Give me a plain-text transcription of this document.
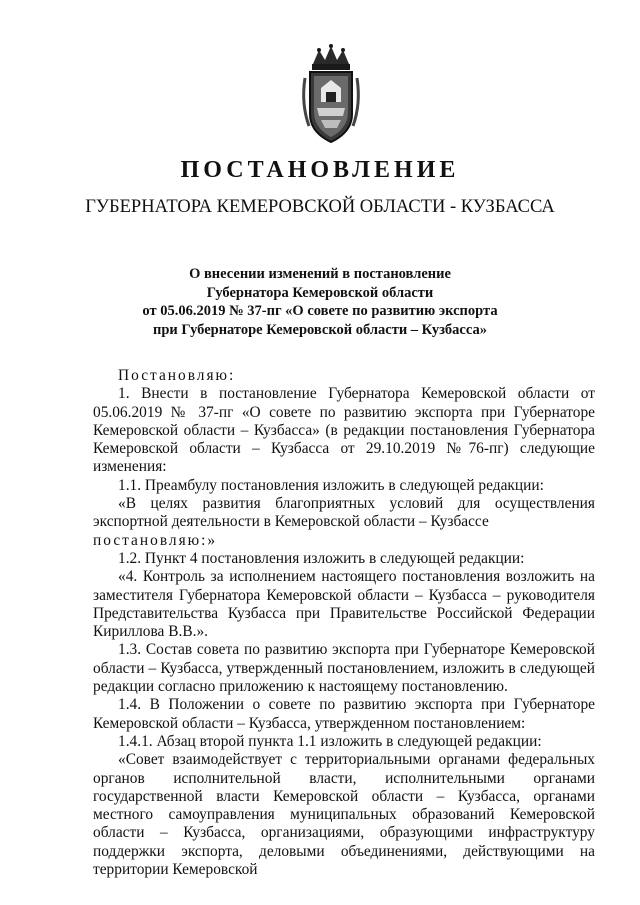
ПОСТАНОВЛЕНИЕ

ГУБЕРНАТОРА КЕМЕРОВСКОЙ ОБЛАСТИ - КУЗБАССА

О внесении изменений в постановление
Губернатора Кемеровской области
от 05.06.2019 № 37-пг «О совете по развитию экспорта
при Губернаторе Кемеровской области – Кузбасса»

Постановляю:

1. Внести в постановление Губернатора Кемеровской области от 05.06.2019 № 37-пг «О совете по развитию экспорта при Губернаторе Кемеровской области – Кузбасса» (в редакции постановления Губернатора Кемеровской области – Кузбасса от 29.10.2019 №76-пг) следующие изменения:

1.1. Преамбулу постановления изложить в следующей редакции:

«В целях развития благоприятных условий для осуществления экспортной деятельности в Кемеровской области – Кузбассе

постановляю:»

1.2. Пункт 4 постановления изложить в следующей редакции:

«4. Контроль за исполнением настоящего постановления возложить на заместителя Губернатора Кемеровской области – Кузбасса – руководителя Представительства Кузбасса при Правительстве Российской Федерации Кириллова В.В.».

1.3. Состав совета по развитию экспорта при Губернаторе Кемеровской области – Кузбасса, утвержденный постановлением, изложить в следующей редакции согласно приложению к настоящему постановлению.

1.4. В Положении о совете по развитию экспорта при Губернаторе Кемеровской области – Кузбасса, утвержденном постановлением:

1.4.1. Абзац второй пункта 1.1 изложить в следующей редакции:

«Совет взаимодействует с территориальными органами федеральных органов исполнительной власти, исполнительными органами государственной власти Кемеровской области – Кузбасса, органами местного самоуправления муниципальных образований Кемеровской области – Кузбасса, организациями, образующими инфраструктуру поддержки экспорта, деловыми объединениями, действующими на территории Кемеровской
